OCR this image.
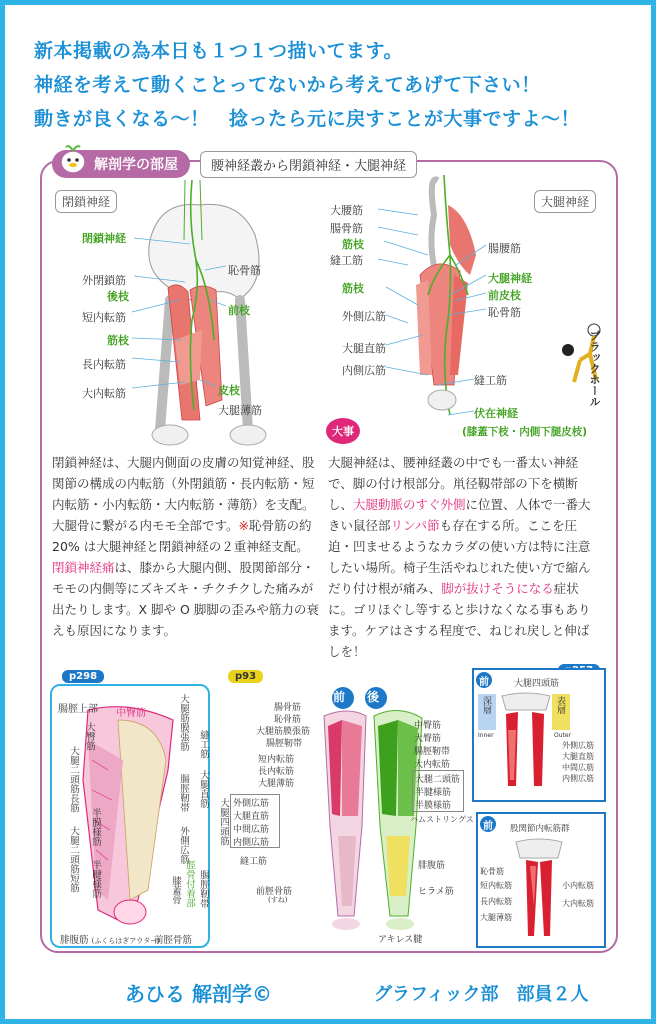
新本掲載の為本日も１つ１つ描いてます。
神経を考えて動くことってないから考えてあげて下さい！
動きが良くなる〜！　捻ったら元に戻すことが大事ですよ〜！
解剖学の部屋	腰神経叢から閉鎖神経・大腿神経
閉鎖神経
閉鎖神経
外閉鎖筋
後枝
短内転筋
筋枝
長内転筋
大内転筋
恥骨筋
前枝
皮枝
大腿薄筋
大腿神経
大腰筋
腸骨筋
筋枝
縫工筋
腸腰筋
大腿神経
前皮枝
恥骨筋
筋枝
外側広筋
大腿直筋
内側広筋
縫工筋
伏在神経
(膝蓋下枝・内側下腿皮枝)
ブラックホール
大事
閉鎖神経は、大腿内側面の皮膚の知覚神経、股関節の構成の内転筋（外閉鎖筋・長内転筋・短内転筋・小内転筋・大内転筋・薄筋）を支配。大腿骨に繋がる内モモ全部です。※恥骨筋の約 20% は大腿神経と閉鎖神経の２重神経支配。
閉鎖神経痛は、膝から大腿内側、股関節部分・モモの内側等にズキズキ・チクチクした痛みが出たりします。X 脚や O 脚脚の歪みや筋力の衰えも原因になります。
大腿神経は、腰神経叢の中でも一番太い神経で、脚の付け根部分。鼡径靱帯部の下を横断し、大腿動脈のすぐ外側に位置、人体で一番大きい鼠径部リンパ節も存在する所。ここを圧迫・凹ませるようなカラダの使い方は特に注意したい場所。椅子生活やねじれた使い方で縮んだり付け根が痛み、脚が抜けそうになる症状に。ゴリほぐし等すると歩けなくなる事もあります。ケアはさする程度で、ねじれ戻しと伸ばしを！
p298	p93
腸脛上部 中臀筋
大臀筋
大腿二頭筋長筋
大腿二頭筋短筋 半膜様筋
半腱様筋
大腿筋膜張筋 縫工筋
大腿直筋
腸脛靭帯
外側広筋
膝蓋骨 脛骨付着部 腸脛靭帯
腓腹筋 (ふくらはぎアウター)
前脛骨筋
前 後
腸骨筋
恥骨筋
大腿筋膜張筋
腸脛靭帯
短内転筋
長内転筋
大腿薄筋
大腿四頭筋 外側広筋
大腿直筋
中間広筋
内側広筋
縫工筋
前脛骨筋
(すね)
中臀筋
大臀筋
腸脛靭帯
大内転筋
大腿二頭筋
半腱様筋
半膜様筋
ハムストリングス
腓腹筋
ヒラメ筋
アキレス腱
前	大腿四頭筋
深層
Inner
表層
Outer
外側広筋
大腿直筋
中間広筋
内側広筋
前	股関節内転筋群
恥骨筋
短内転筋
長内転筋
大腿薄筋
小内転筋
大内転筋
あひる 解剖学©	グラフィック部　部員２人
